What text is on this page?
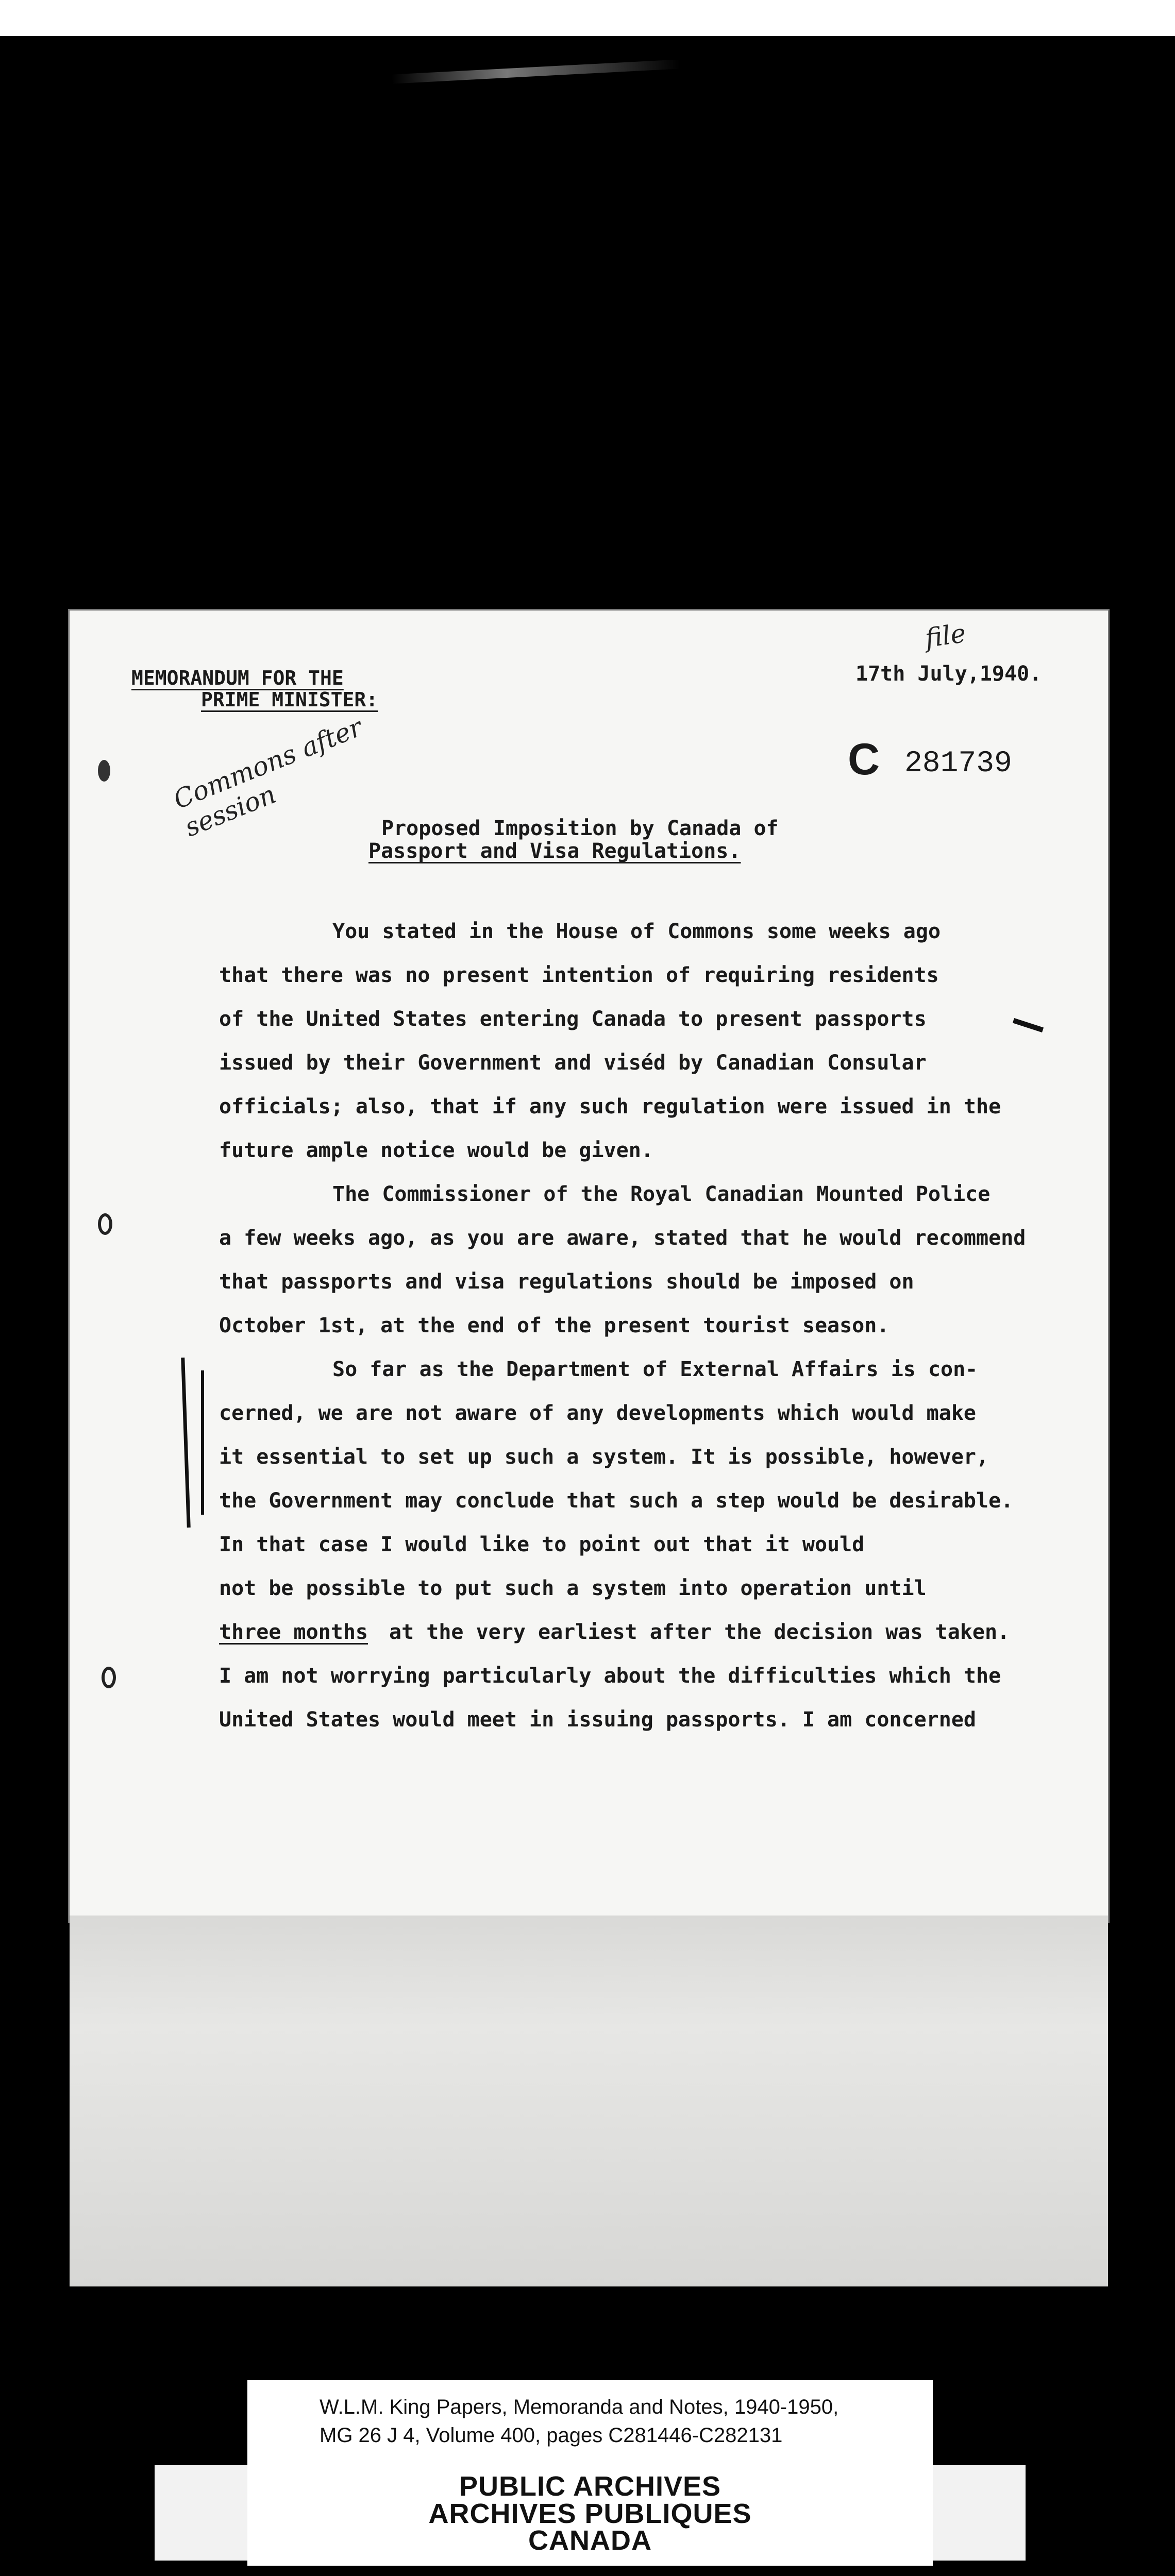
MEMORANDUM FOR THE
PRIME MINISTER:
file
17th July,1940.
C 281739
Commons after session	Proposed Imposition by Canada of
Passport and Visa Regulations.
You stated in the House of Commons some weeks ago
that there was no present intention of requiring residents
of the United States entering Canada to present passports
issued by their Government and viséd by Canadian Consular
officials; also, that if any such regulation were issued in the
future ample notice would be given.
The Commissioner of the Royal Canadian Mounted Police
a few weeks ago, as you are aware, stated that he would recommend
that passports and visa regulations should be imposed on
October 1st, at the end of the present tourist season.
So far as the Department of External Affairs is con-
cerned, we are not aware of any developments which would make
it essential to set up such a system. It is possible, however,
the Government may conclude that such a step would be desirable.
In that case I would like to point out that it would
not be possible to put such a system into operation until
three months at the very earliest after the decision was taken.
I am not worrying particularly about the difficulties which the
United States would meet in issuing passports. I am concerned
W.L.M. King Papers, Memoranda and Notes, 1940-1950,
MG 26 J 4, Volume 400, pages C281446-C282131
PUBLIC ARCHIVES
ARCHIVES PUBLIQUES
CANADA
